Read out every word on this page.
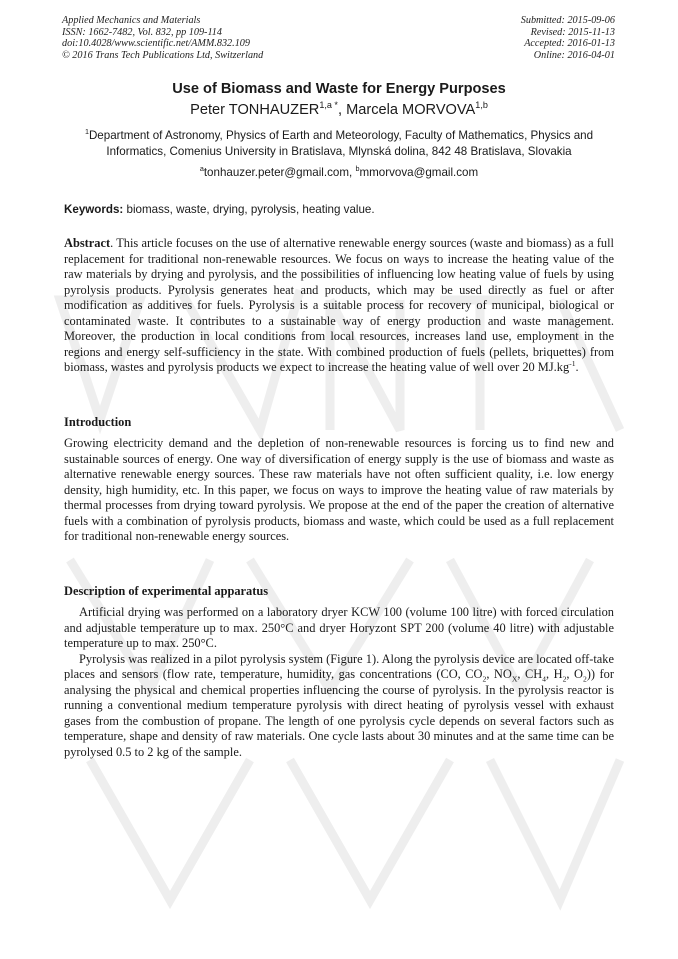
Applied Mechanics and Materials
ISSN: 1662-7482, Vol. 832, pp 109-114
doi:10.4028/www.scientific.net/AMM.832.109
© 2016 Trans Tech Publications Ltd, Switzerland
Submitted: 2015-09-06
Revised: 2015-11-13
Accepted: 2016-01-13
Online: 2016-04-01
Use of Biomass and Waste for Energy Purposes
Peter $TONHAUZER^{1,a *}$, Marcela MORVOVA$^{1,b}$
$^1$Department of Astronomy, Physics of Earth and Meteorology, Faculty of Mathematics, Physics and Informatics, Comenius University in Bratislava, Mlynská dolina, 842 48 Bratislava, Slovakia
$^a$tonhauzer.peter@gmail.com, $^b$mmorvova@gmail.com
Keywords: biomass, waste, drying, pyrolysis, heating value.

Abstract. This article focuses on the use of alternative renewable energy sources (waste and biomass) as a full replacement for traditional non-renewable resources. We focus on ways to increase the heating value of the raw materials by drying and pyrolysis, and the possibilities of influencing low heating value of fuels by using pyrolysis products. Pyrolysis generates heat and products, which may be used directly as fuel or after modification as additives for fuels. Pyrolysis is a suitable process for recovery of municipal, biological or contaminated waste. It contributes to a sustainable way of energy production and waste management. Moreover, the production in local conditions from local resources, increases land use, employment in the regions and energy self-sufficiency in the state. With combined production of fuels (pellets, briquettes) from biomass, wastes and pyrolysis products we expect to increase the heating value of well over 20 $MJ.kg^{-1}$.

Introduction

Growing electricity demand and the depletion of non-renewable resources is forcing us to find new and sustainable sources of energy. One way of diversification of energy supply is the use of biomass and waste as alternative renewable energy sources. These raw materials have not often sufficient quality, i.e. low energy density, high humidity, etc. In this paper, we focus on ways to improve the heating value of raw materials by thermal processes from drying toward pyrolysis. We propose at the end of the paper the creation of alternative fuels with a combination of pyrolysis products, biomass and waste, which could be used as a full replacement for traditional non-renewable energy sources.

Description of experimental apparatus

Artificial drying was performed on a laboratory dryer KCW 100 (volume 100 litre) with forced circulation and adjustable temperature up to max. 250°C and dryer Horyzont SPT 200 (volume 40 litre) with adjustable temperature up to max. 250°C.

Pyrolysis was realized in a pilot pyrolysis system (Figure 1). Along the pyrolysis device are located off-take places and sensors (flow rate, temperature, humidity, gas concentrations (CO, $CO_2$, $NO_X$, $CH_4$, $H_2$, $O_2$)) for analysing the physical and chemical properties influencing the course of pyrolysis. In the pyrolysis reactor is running a conventional medium temperature pyrolysis with direct heating of pyrolysis vessel with exhaust gases from the combustion of propane. The length of one pyrolysis cycle depends on several factors such as temperature, shape and density of raw materials. One cycle lasts about 30 minutes and at the same time can be pyrolysed 0.5 to 2 kg of the sample.
